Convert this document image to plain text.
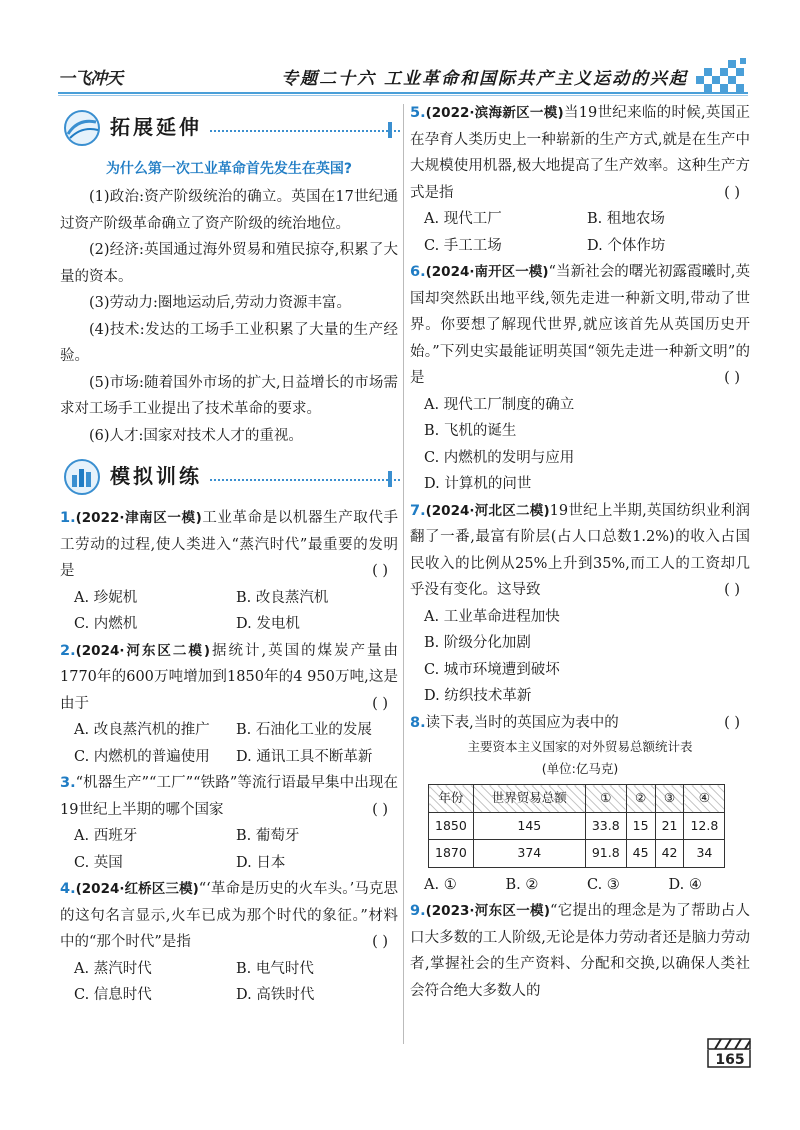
一飞冲天	专题二十六 工业革命和国际共产主义运动的兴起
拓展延伸
为什么第一次工业革命首先发生在英国?
(1)政治:资产阶级统治的确立。英国在17世纪通过资产阶级革命确立了资产阶级的统治地位。
(2)经济:英国通过海外贸易和殖民掠夺,积累了大量的资本。
(3)劳动力:圈地运动后,劳动力资源丰富。
(4)技术:发达的工场手工业积累了大量的生产经验。
(5)市场:随着国外市场的扩大,日益增长的市场需求对工场手工业提出了技术革命的要求。
(6)人才:国家对技术人才的重视。
模拟训练
1.(2022·津南区一模)工业革命是以机器生产取代手工劳动的过程,使人类进入“蒸汽时代”最重要的发明是	( )
A. 珍妮机	B. 改良蒸汽机
C. 内燃机	D. 发电机
2.(2024·河东区二模)据统计,英国的煤炭产量由1770年的600万吨增加到1850年的4 950万吨,这是由于	( )
A. 改良蒸汽机的推广	B. 石油化工业的发展
C. 内燃机的普遍使用	D. 通讯工具不断革新
3.“机器生产”“工厂”“铁路”等流行语最早集中出现在19世纪上半期的哪个国家	( )
A. 西班牙	B. 葡萄牙
C. 英国	D. 日本
4.(2024·红桥区三模)“‘革命是历史的火车头。’马克思的这句名言显示,火车已成为那个时代的象征。”材料中的“那个时代”是指	( )
A. 蒸汽时代	B. 电气时代
C. 信息时代	D. 高铁时代
5.(2022·滨海新区一模)当19世纪来临的时候,英国正在孕育人类历史上一种崭新的生产方式,就是在生产中大规模使用机器,极大地提高了生产效率。这种生产方式是指	( )
A. 现代工厂	B. 租地农场
C. 手工工场	D. 个体作坊
6.(2024·南开区一模)“当新社会的曙光初露霞曦时,英国却突然跃出地平线,领先走进一种新文明,带动了世界。你要想了解现代世界,就应该首先从英国历史开始。”下列史实最能证明英国“领先走进一种新文明”的是	( )
A. 现代工厂制度的确立
B. 飞机的诞生
C. 内燃机的发明与应用
D. 计算机的问世
7.(2024·河北区二模)19世纪上半期,英国纺织业利润翻了一番,最富有阶层(占人口总数1.2%)的收入占国民收入的比例从25%上升到35%,而工人的工资却几乎没有变化。这导致	( )
A. 工业革命进程加快
B. 阶级分化加剧
C. 城市环境遭到破坏
D. 纺织技术革新
8.读下表,当时的英国应为表中的	( )
主要资本主义国家的对外贸易总额统计表
(单位:亿马克)
年份	世界贸易总额	①	②	③	④
1850	145	33.8	15	21	12.8
1870	374	91.8	45	42	34
A. ①	B. ②	C. ③	D. ④
9.(2023·河东区一模)“它提出的理念是为了帮助占人口大多数的工人阶级,无论是体力劳动者还是脑力劳动者,掌握社会的生产资料、分配和交换,以确保人类社会符合绝大多数人的
165
